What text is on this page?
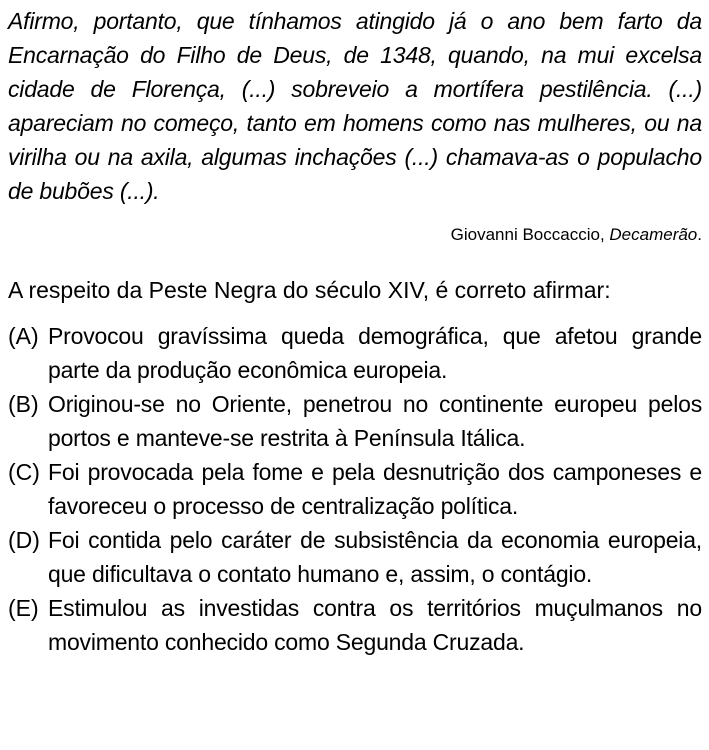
Afirmo, portanto, que tínhamos atingido já o ano bem farto da Encarnação do Filho de Deus, de 1348, quando, na mui excelsa cidade de Florença, (...) sobreveio a mortífera pestilência. (...) apareciam no começo, tanto em homens como nas mulheres, ou na virilha ou na axila, algumas inchações (...) chamava-as o populacho de bubões (...).
Giovanni Boccaccio, Decamerão.
A respeito da Peste Negra do século XIV, é correto afirmar:
(A) Provocou gravíssima queda demográfica, que afetou grande parte da produção econômica europeia.
(B) Originou-se no Oriente, penetrou no continente europeu pelos portos e manteve-se restrita à Península Itálica.
(C) Foi provocada pela fome e pela desnutrição dos camponeses e favoreceu o processo de centralização política.
(D) Foi contida pelo caráter de subsistência da economia europeia, que dificultava o contato humano e, assim, o contágio.
(E) Estimulou as investidas contra os territórios muçulmanos no movimento conhecido como Segunda Cruzada.
